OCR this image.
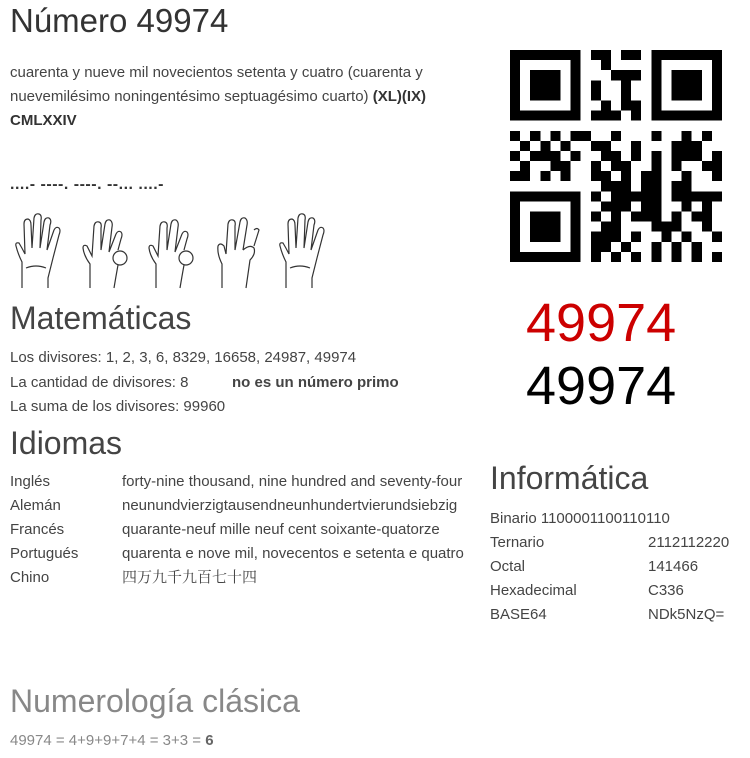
Número 49974
cuarenta y nueve mil novecientos setenta y cuatro (cuarenta y nuevemilésimo noningentésimo septuagésimo cuarto) (XL)(IX) CMLXXIV
....- ----. ----. --... ....-
49974
49974
Matemáticas
Los divisores: 1, 2, 3, 6, 8329, 16658, 24987, 49974
La cantidad de divisores: 8	no es un número primo
La suma de los divisores: 99960
Idiomas
Inglés	forty-nine thousand, nine hundred and seventy-four
Alemán	neunundvierzigtausendneunhundertvierundsiebzig
Francés	quarante-neuf mille neuf cent soixante-quatorze
Portugués	quarenta e nove mil, novecentos e setenta e quatro
Chino	四万九千九百七十四
Informática
Binario 1100001100110110
Ternario	2112112220
Octal	141466
Hexadecimal	C336
BASE64	NDk5NzQ=
Numerología clásica
49974 = 4+9+9+7+4 = 3+3 = 6
